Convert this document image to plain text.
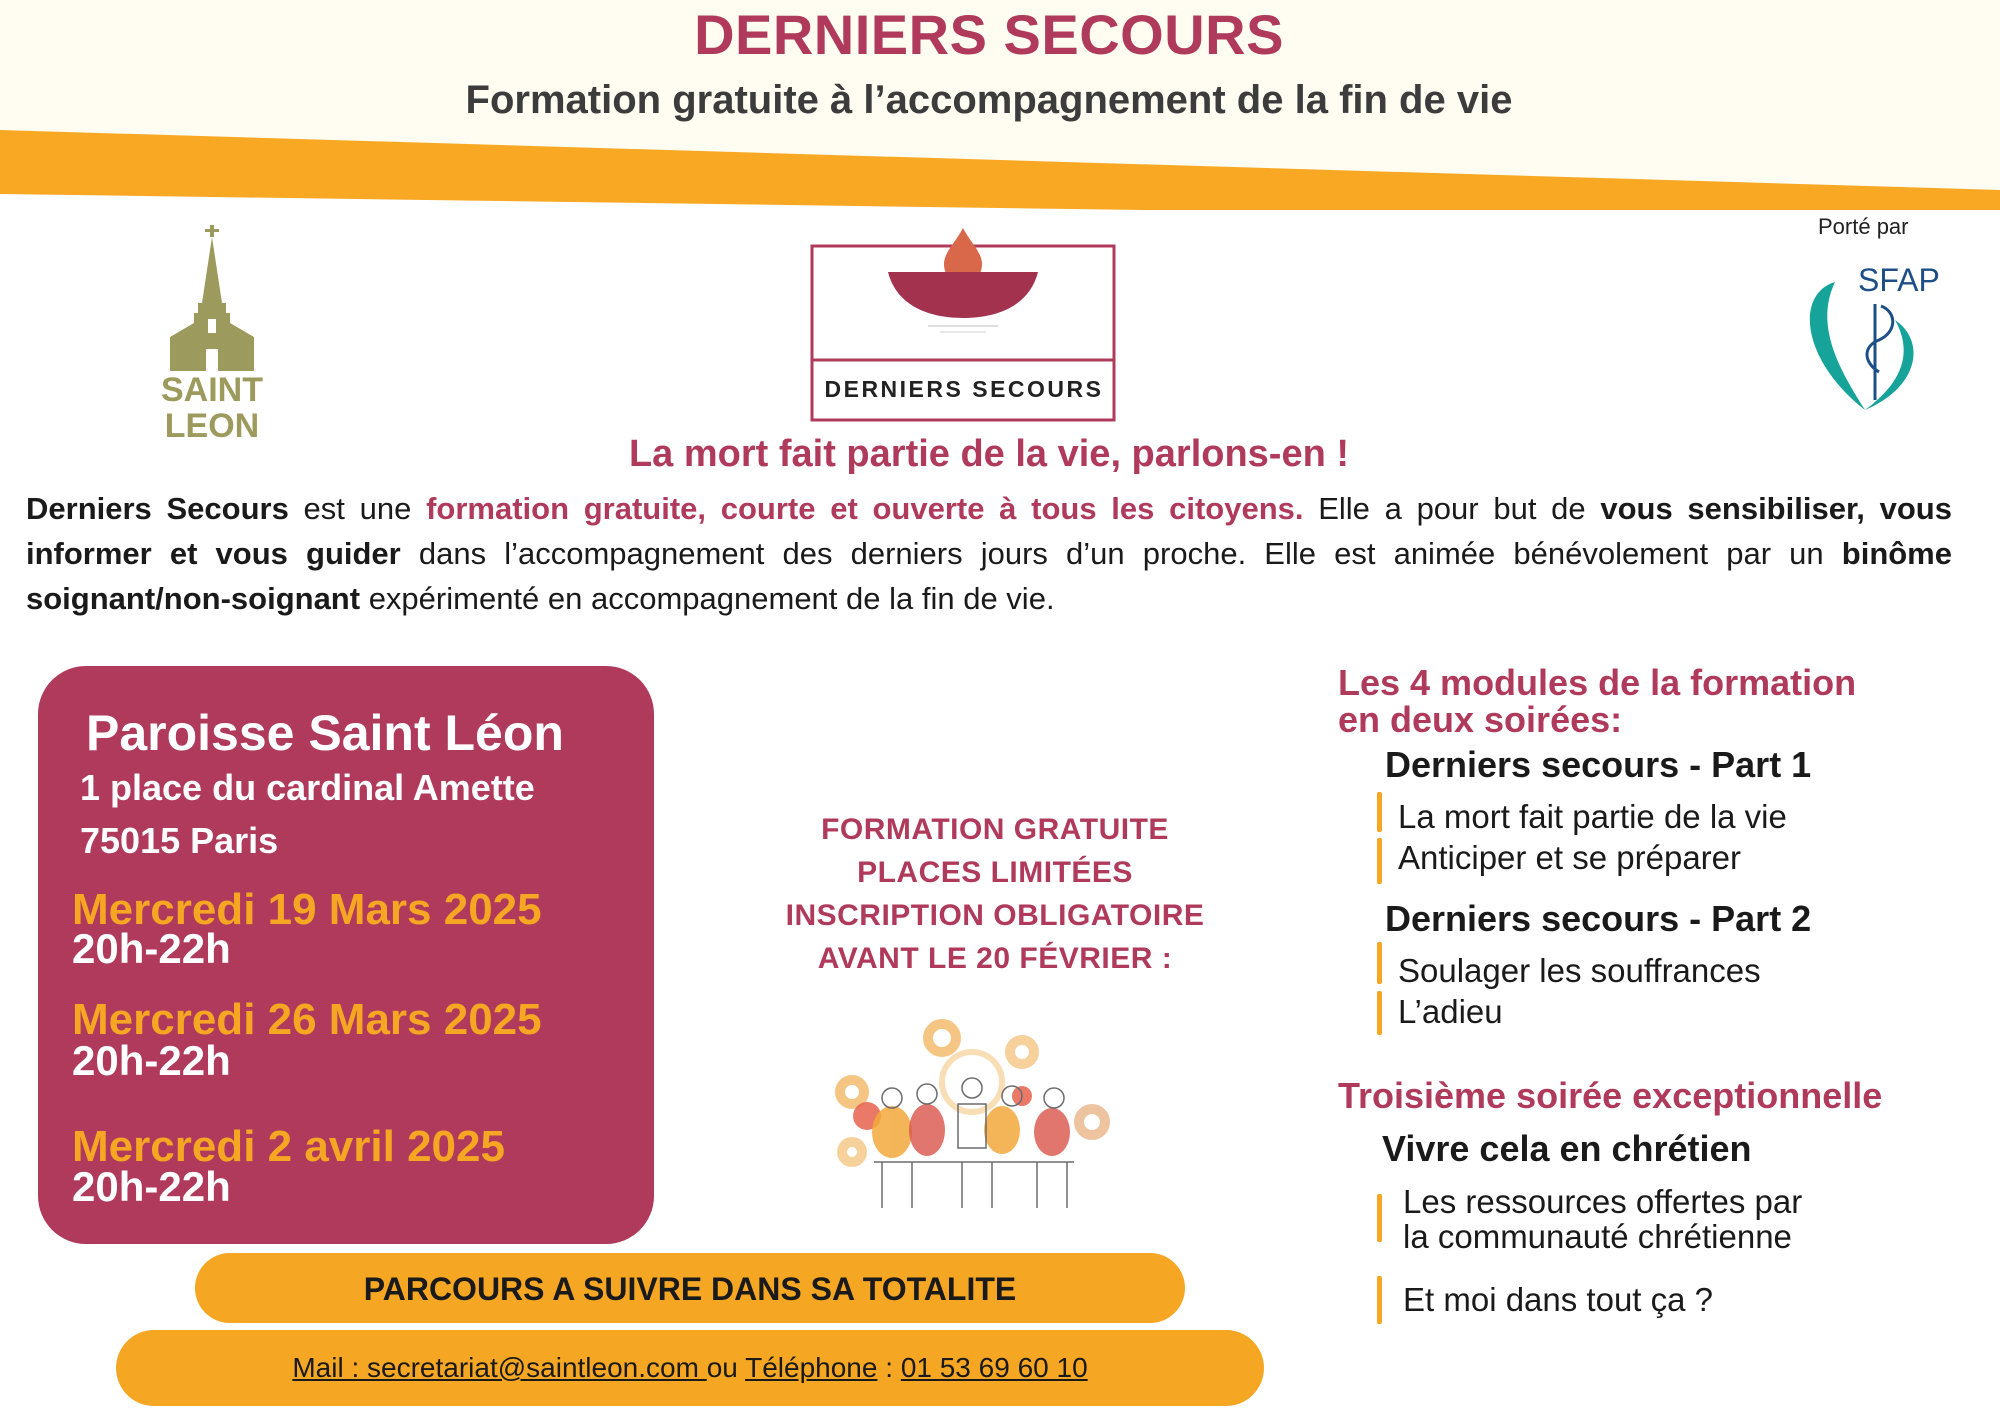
DERNIERS SECOURS
Formation gratuite à l’accompagnement de la fin de vie
SAINT
LEON
DERNIERS SECOURS
Porté par
SFAP
La mort fait partie de la vie, parlons-en !
Derniers Secours est une formation gratuite, courte et ouverte à tous les citoyens. Elle a pour but de vous sensibiliser, vous informer et vous guider dans l’accompagnement des derniers jours d’un proche. Elle est animée bénévolement par un binôme soignant/non-soignant expérimenté en accompagnement de la fin de vie.
Paroisse Saint Léon
1 place du cardinal Amette
75015 Paris
Mercredi 19 Mars 2025
20h-22h
Mercredi 26 Mars 2025
20h-22h
Mercredi 2 avril 2025
20h-22h
FORMATION GRATUITE
PLACES LIMITÉES
INSCRIPTION OBLIGATOIRE
AVANT LE 20 FÉVRIER :
PARCOURS A SUIVRE DANS SA TOTALITE
Mail : secretariat@saintleon.com ou Téléphone : 01 53 69 60 10
Les 4 modules de la formation
en deux soirées:
Derniers secours - Part 1
La mort fait partie de la vie
Anticiper et se préparer
Derniers secours - Part 2
Soulager les souffrances
L’adieu
Troisième soirée exceptionnelle
Vivre cela en chrétien
Les ressources offertes par
la communauté chrétienne
Et moi dans tout ça ?
